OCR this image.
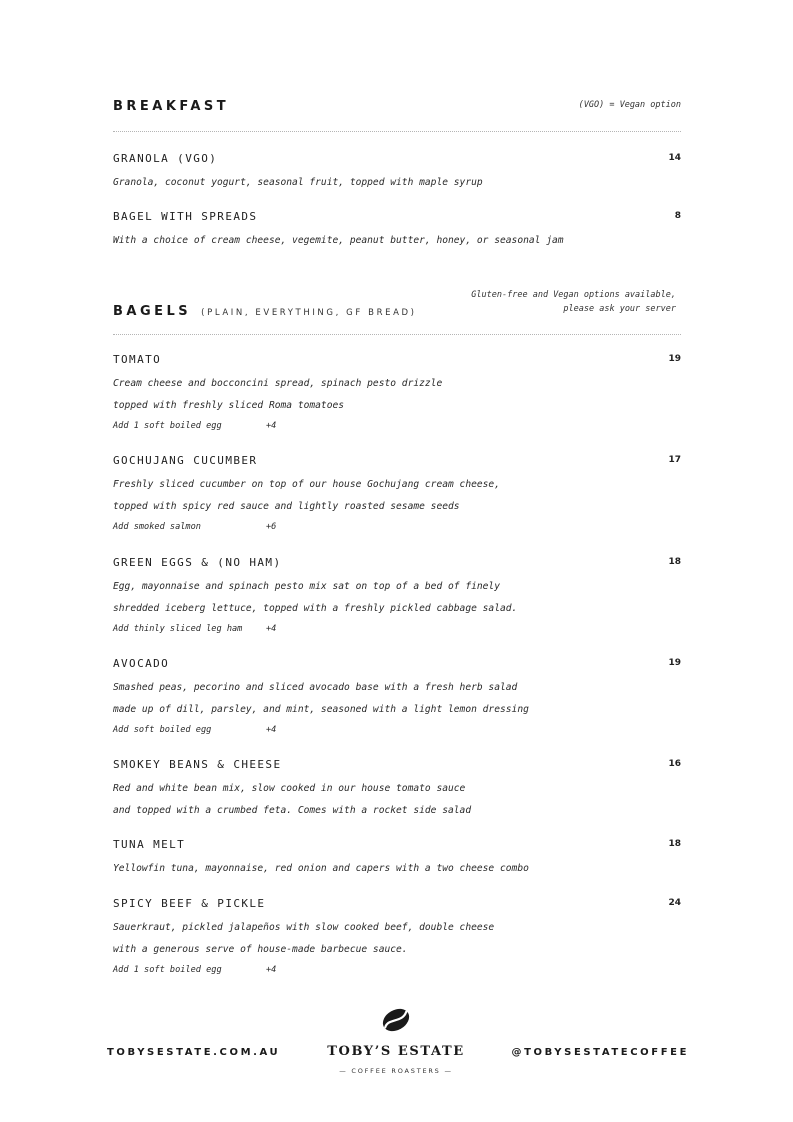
BREAKFAST	(VGO) = Vegan option
GRANOLA (VGO)	14
Granola, coconut yogurt, seasonal fruit, topped with maple syrup
BAGEL WITH SPREADS	8
With a choice of cream cheese, vegemite, peanut butter, honey, or seasonal jam
BAGELS (PLAIN, EVERYTHING, GF BREAD)
Gluten-free and Vegan options available,
please ask your server
TOMATO	19
Cream cheese and bocconcini spread, spinach pesto drizzle
topped with freshly sliced Roma tomatoes
Add 1 soft boiled egg	+4
GOCHUJANG CUCUMBER	17
Freshly sliced cucumber on top of our house Gochujang cream cheese,
topped with spicy red sauce and lightly roasted sesame seeds
Add smoked salmon	+6
GREEN EGGS & (NO HAM)	18
Egg, mayonnaise and spinach pesto mix sat on top of a bed of finely
shredded iceberg lettuce, topped with a freshly pickled cabbage salad.
Add thinly sliced leg ham	+4
AVOCADO	19
Smashed peas, pecorino and sliced avocado base with a fresh herb salad
made up of dill, parsley, and mint, seasoned with a light lemon dressing
Add soft boiled egg	+4
SMOKEY BEANS & CHEESE	16
Red and white bean mix, slow cooked in our house tomato sauce
and topped with a crumbed feta. Comes with a rocket side salad
TUNA MELT	18
Yellowfin tuna, mayonnaise, red onion and capers with a two cheese combo
SPICY BEEF & PICKLE	24
Sauerkraut, pickled jalapeños with slow cooked beef, double cheese
with a generous serve of house-made barbecue sauce.
Add 1 soft boiled egg	+4
TOBYSESTATE.COM.AU	TOBY’S ESTATE
— COFFEE ROASTERS —
@TOBYSESTATECOFFEE
